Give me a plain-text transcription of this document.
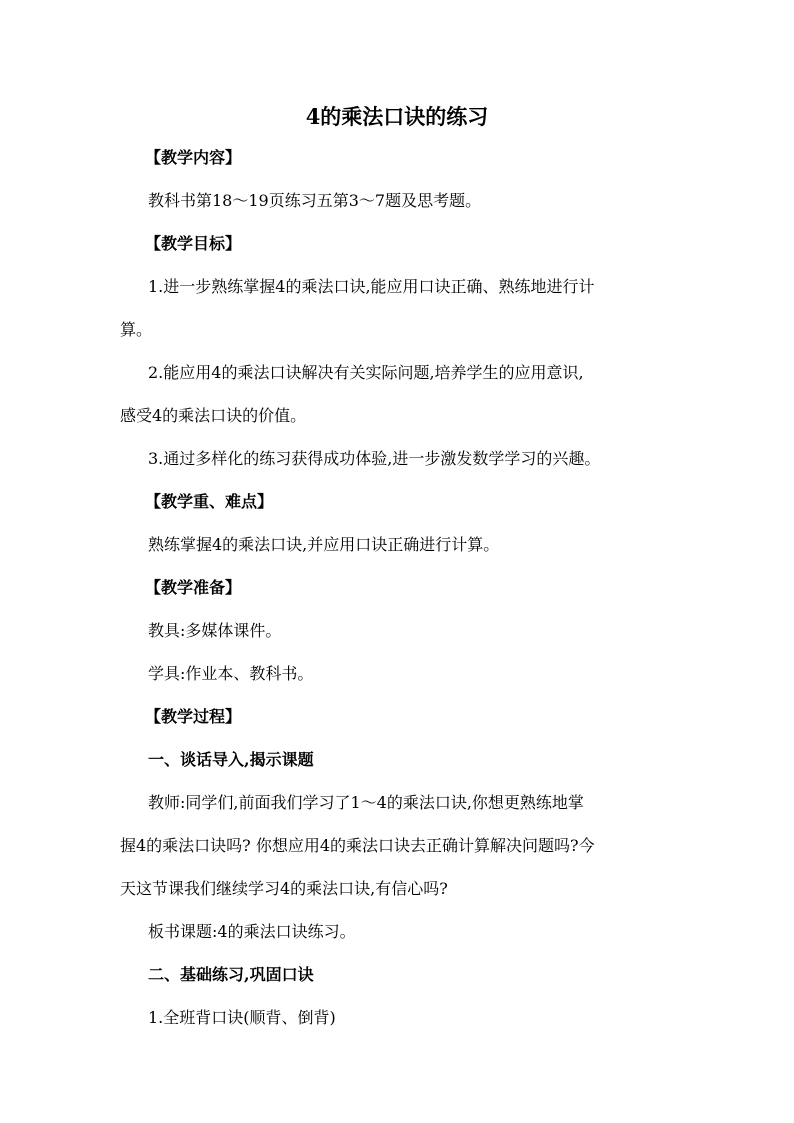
4的乘法口诀的练习
【教学内容】
教科书第18～19页练习五第3～7题及思考题。
【教学目标】
1.进一步熟练掌握4的乘法口诀,能应用口诀正确、熟练地进行计
算。
2.能应用4的乘法口诀解决有关实际问题,培养学生的应用意识,
感受4的乘法口诀的价值。
3.通过多样化的练习获得成功体验,进一步激发数学学习的兴趣。
【教学重、难点】
熟练掌握4的乘法口诀,并应用口诀正确进行计算。
【教学准备】
教具:多媒体课件。
学具:作业本、教科书。
【教学过程】
一、谈话导入,揭示课题
教师:同学们,前面我们学习了1～4的乘法口诀,你想更熟练地掌
握4的乘法口诀吗? 你想应用4的乘法口诀去正确计算解决问题吗?今
天这节课我们继续学习4的乘法口诀,有信心吗?
板书课题:4的乘法口诀练习。
二、基础练习,巩固口诀
1.全班背口诀(顺背、倒背)
